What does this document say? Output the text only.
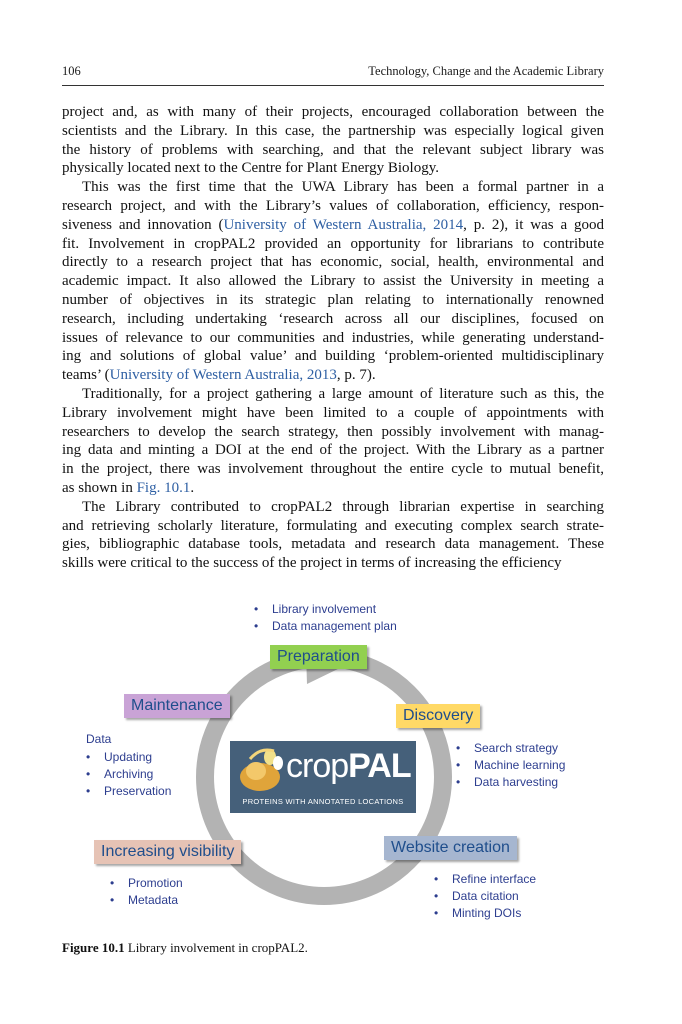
106	Technology, Change and the Academic Library
project and, as with many of their projects, encouraged collaboration between the
scientists and the Library. In this case, the partnership was especially logical given
the history of problems with searching, and that the relevant subject library was
physically located next to the Centre for Plant Energy Biology.
This was the first time that the UWA Library has been a formal partner in a
research project, and with the Library’s values of collaboration, efficiency, respon-
siveness and innovation (University of Western Australia, 2014, p. 2), it was a good
fit. Involvement in cropPAL2 provided an opportunity for librarians to contribute
directly to a research project that has economic, social, health, environmental and
academic impact. It also allowed the Library to assist the University in meeting a
number of objectives in its strategic plan relating to internationally renowned
research, including undertaking ‘research across all our disciplines, focused on
issues of relevance to our communities and industries, while generating understand-
ing and solutions of global value’ and building ‘problem-oriented multidisciplinary
teams’ (University of Western Australia, 2013, p. 7).
Traditionally, for a project gathering a large amount of literature such as this, the
Library involvement might have been limited to a couple of appointments with
researchers to develop the search strategy, then possibly involvement with manag-
ing data and minting a DOI at the end of the project. With the Library as a partner
in the project, there was involvement throughout the entire cycle to mutual benefit,
as shown in Fig. 10.1.
The Library contributed to cropPAL2 through librarian expertise in searching
and retrieving scholarly literature, formulating and executing complex search strate-
gies, bibliographic database tools, metadata and research data management. These
skills were critical to the success of the project in terms of increasing the efficiency
• Library involvement
• Data management plan
Preparation
Discovery
Maintenance
Website creation
Increasing visibility
Data
• Updating
• Archiving
• Preservation
• Search strategy
• Machine learning
• Data harvesting
• Refine interface
• Data citation
• Minting DOIs
• Promotion
• Metadata
cropPAL
PROTEINS WITH ANNOTATED LOCATIONS
Figure 10.1 Library involvement in cropPAL2.
